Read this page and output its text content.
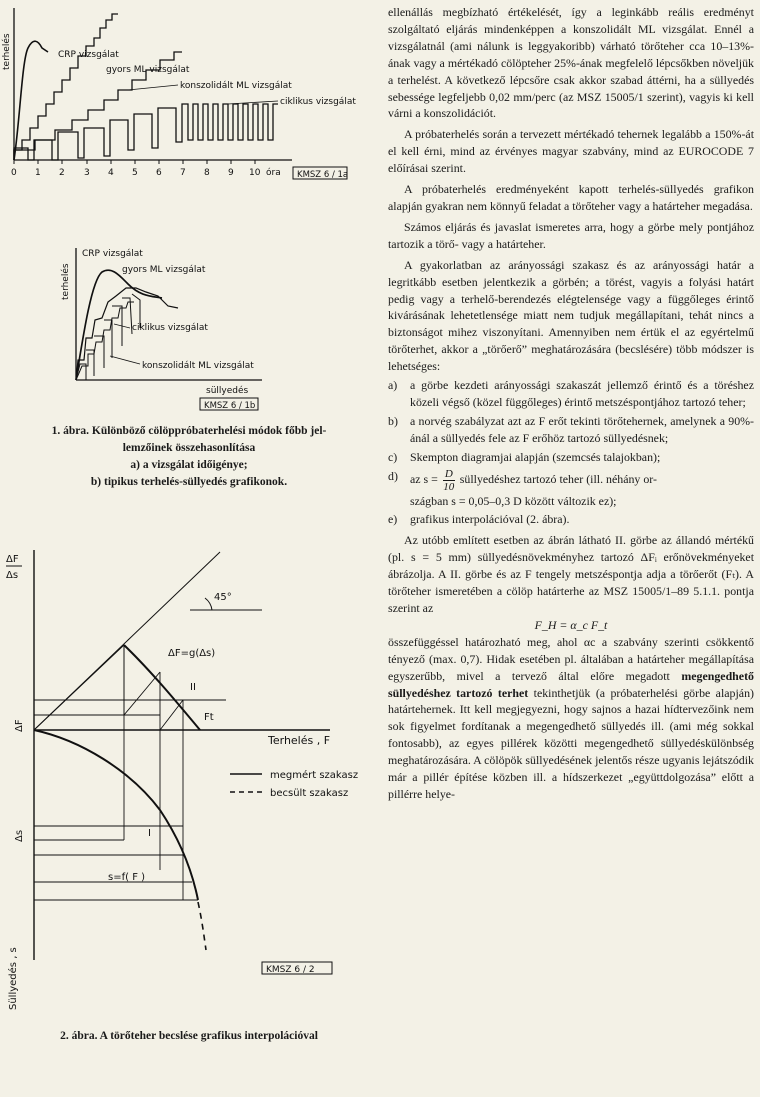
terhelés	CRP vizsgálat
gyors ML vizsgálat
konszolidált ML vizsgálat
ciklikus vizsgálat
0 1 2 3 4 5 6 7 8 9 10 óra KMSZ 6 / 1a
terhelés
CRP vizsgálat
gyors ML vizsgálat
ciklikus vizsgálat
konszolidált ML vizsgálat
süllyedés
KMSZ 6 / 1b
1. ábra. Különböző cölöppróbaterhelési módok főbb jel-
lemzőinek összehasonlítása
a) a vizsgálat időigénye;
b) tipikus terhelés-süllyedés grafikonok.
ΔF
Δs
45°
ΔF=g(Δs)
II
Ft
ΔF
Terhelés , F
megmért szakasz
becsült szakasz
Δs	I
s=f( F )
Süllyedés , s	KMSZ 6 / 2
2. ábra. A törőteher becslése grafikus interpolációval

ellenállás megbízható értékelését, így a leginkább reális eredményt szolgáltató eljárás mindenképpen a konszolidált ML vizsgálat. Ennél a vizsgálatnál (ami nálunk is leggyakoribb) várható törőteher cca 10–13%-ának vagy a mértékadó cölöpteher 25%-ának megfelelő lépcsőkben növeljük a terhelést. A következő lépcsőre csak akkor szabad áttérni, ha a süllyedés sebessége legfeljebb 0,02 mm/perc (az MSZ 15005/1 szerint), vagyis ki kell várni a konszolidációt.

A próbaterhelés során a tervezett mértékadó tehernek legalább a 150%-át el kell érni, mind az érvényes magyar szabvány, mind az EUROCODE 7 előírásai szerint.

A próbaterhelés eredményeként kapott terhelés-süllyedés grafikon alapján gyakran nem könnyű feladat a törőteher vagy a határteher megadása.

Számos eljárás és javaslat ismeretes arra, hogy a görbe mely pontjához tartozik a törő- vagy a határteher.

A gyakorlatban az arányossági szakasz és az arányossági határ a legritkább esetben jelentkezik a görbén; a törést, vagyis a folyási határt pedig vagy a terhelő-berendezés elégtelensége vagy a függőleges érintő kivárásának lehetetlensége miatt nem tudjuk megállapítani, tehát nincs a biztonságot mihez viszonyítani. Amennyiben nem értük el az egyértelmű törőterhet, akkor a „törőerő” meghatározására (becslésére) több módszer is lehetséges:

a)	a görbe kezdeti arányossági szakaszát jellemző érintő és a töréshez közeli végső (közel függőleges) érintő metszéspontjához tartozó teher;
b)	a norvég szabályzat azt az F erőt tekinti törőtehernek, amelynek a 90%-ánál a süllyedés fele az F erőhöz tartozó süllyedésnek;
c)	Skempton diagramjai alapján (szemcsés talajokban);
d)	az $s = \frac{D}{10}$ süllyedéshez tartozó teher (ill. néhány or-
szágban s = 0,05–0,3 D között változik ez);
e)	grafikus interpolációval (2. ábra).

Az utóbb említett esetben az ábrán látható II. görbe az állandó mértékű (pl. s = 5 mm) süllyedésnövekményhez tartozó ΔFᵢ erőnövekményeket ábrázolja. A II. görbe és az F tengely metszéspontja adja a törőerőt (Fₜ). A törőteher ismeretében a cölöp határterhe az MSZ 15005/1–89 5.1.1. pontja szerint az

F_H = α_c F_t

összefüggéssel határozható meg, ahol αc a szabvány szerinti csökkentő tényező (max. 0,7). Hidak esetében pl. általában a határteher megállapítása egyszerűbb, mivel a tervező által előre megadott megengedhető süllyedéshez tartozó terhet tekinthetjük (a próbaterhelési görbe alapján) határtehernek. Itt kell megjegyezni, hogy sajnos a hazai hídtervezőink nem sok figyelmet fordítanak a megengedhető süllyedés ill. (ami még sokkal fontosabb), az egyes pillérek közötti megengedhető süllyedéskülönbség meghatározására. A cölöpök süllyedésének jelentős része ugyanis lejátszódik már a pillér építése közben ill. a hídszerkezet „együttdolgozása” előtt a pillérre helye-
